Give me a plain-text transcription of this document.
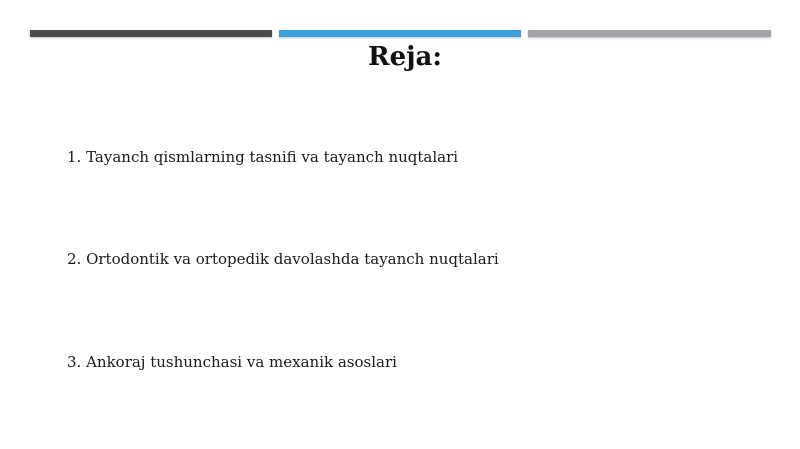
Reja:
1. Tayanch qismlarning tasnifi va tayanch nuqtalari
2. Ortodontik va ortopedik davolashda tayanch nuqtalari
3. Ankoraj tushunchasi va mexanik asoslari
